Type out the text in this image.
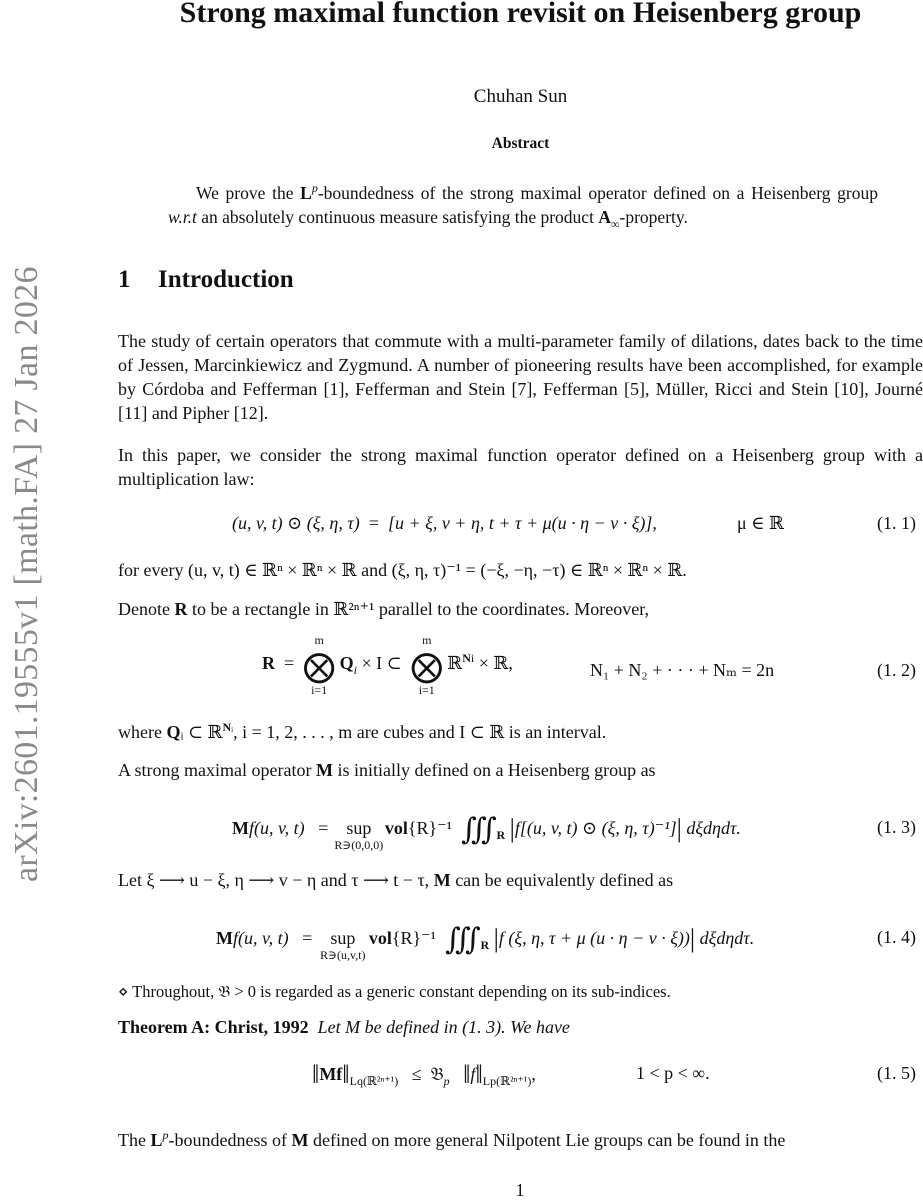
arXiv:2601.19555v1 [math.FA] 27 Jan 2026
Strong maximal function revisit on Heisenberg group
Chuhan Sun
Abstract
We prove the $L^p$-boundedness of the strong maximal operator defined on a Heisenberg group w.r.t an absolutely continuous measure satisfying the product $A_\infty$-property.
1 Introduction
The study of certain operators that commute with a multi-parameter family of dilations, dates back to the time of Jessen, Marcinkiewicz and Zygmund. A number of pioneering results have been accomplished, for example by Córdoba and Fefferman [1], Fefferman and Stein [7], Fefferman [5], Müller, Ricci and Stein [10], Journé [11] and Pipher [12].
In this paper, we consider the strong maximal function operator defined on a Heisenberg group with a multiplication law:
(u, v, t) ⊙ (ξ, η, τ) = [u + ξ, v + η, t + τ + μ(u · η − v · ξ)],	μ ∈ ℝ	(1. 1)
for every (u, v, t) ∈ ℝⁿ × ℝⁿ × ℝ and (ξ, η, τ)⁻¹ = (−ξ, −η, −τ) ∈ ℝⁿ × ℝⁿ × ℝ.
Denote R to be a rectangle in ℝ²ⁿ⁺¹ parallel to the coordinates. Moreover,
R =
m
⨂
i=1
$Q_i \times I$ ⊂
m
⨂
i=1
ℝ$^{Ni}$ × ℝ,	N₁ + N₂ + · · · + Nₘ = 2n	(1. 2)
where Qᵢ ⊂ ℝ$^{Nᵢ}$, i = 1, 2, . . . , m are cubes and I ⊂ ℝ is an interval.
A strong maximal operator M is initially defined on a Heisenberg group as
Mf(u, v, t) = sup
R∋(0,0,0)
vol{R}⁻¹ $∭_R$ |f[(u, v, t) ⊙ (ξ, η, τ)⁻¹]| dξdηdτ.	(1. 3)
Let ξ ⟶ u − ξ, η ⟶ v − η and τ ⟶ t − τ, M can be equivalently defined as
Mf(u, v, t) = sup
R∋(u,v,t)
vol{R}⁻¹ $∭_R$ |f (ξ, η, τ + μ (u · η − v · ξ))| dξdηdτ.	(1. 4)
⋄ Throughout, 𝔅 > 0 is regarded as a generic constant depending on its sub-indices.
Theorem A: Christ, 1992 Let M be defined in (1. 3). We have
$‖Mf‖_{Lq(ℝ^{2n+1})}$ ≤ 𝔅$_p$ $‖f‖_{Lp(ℝ^{2n+1})}$,	1 < p < ∞.	(1. 5)
The $L^p$-boundedness of M defined on more general Nilpotent Lie groups can be found in the
1
